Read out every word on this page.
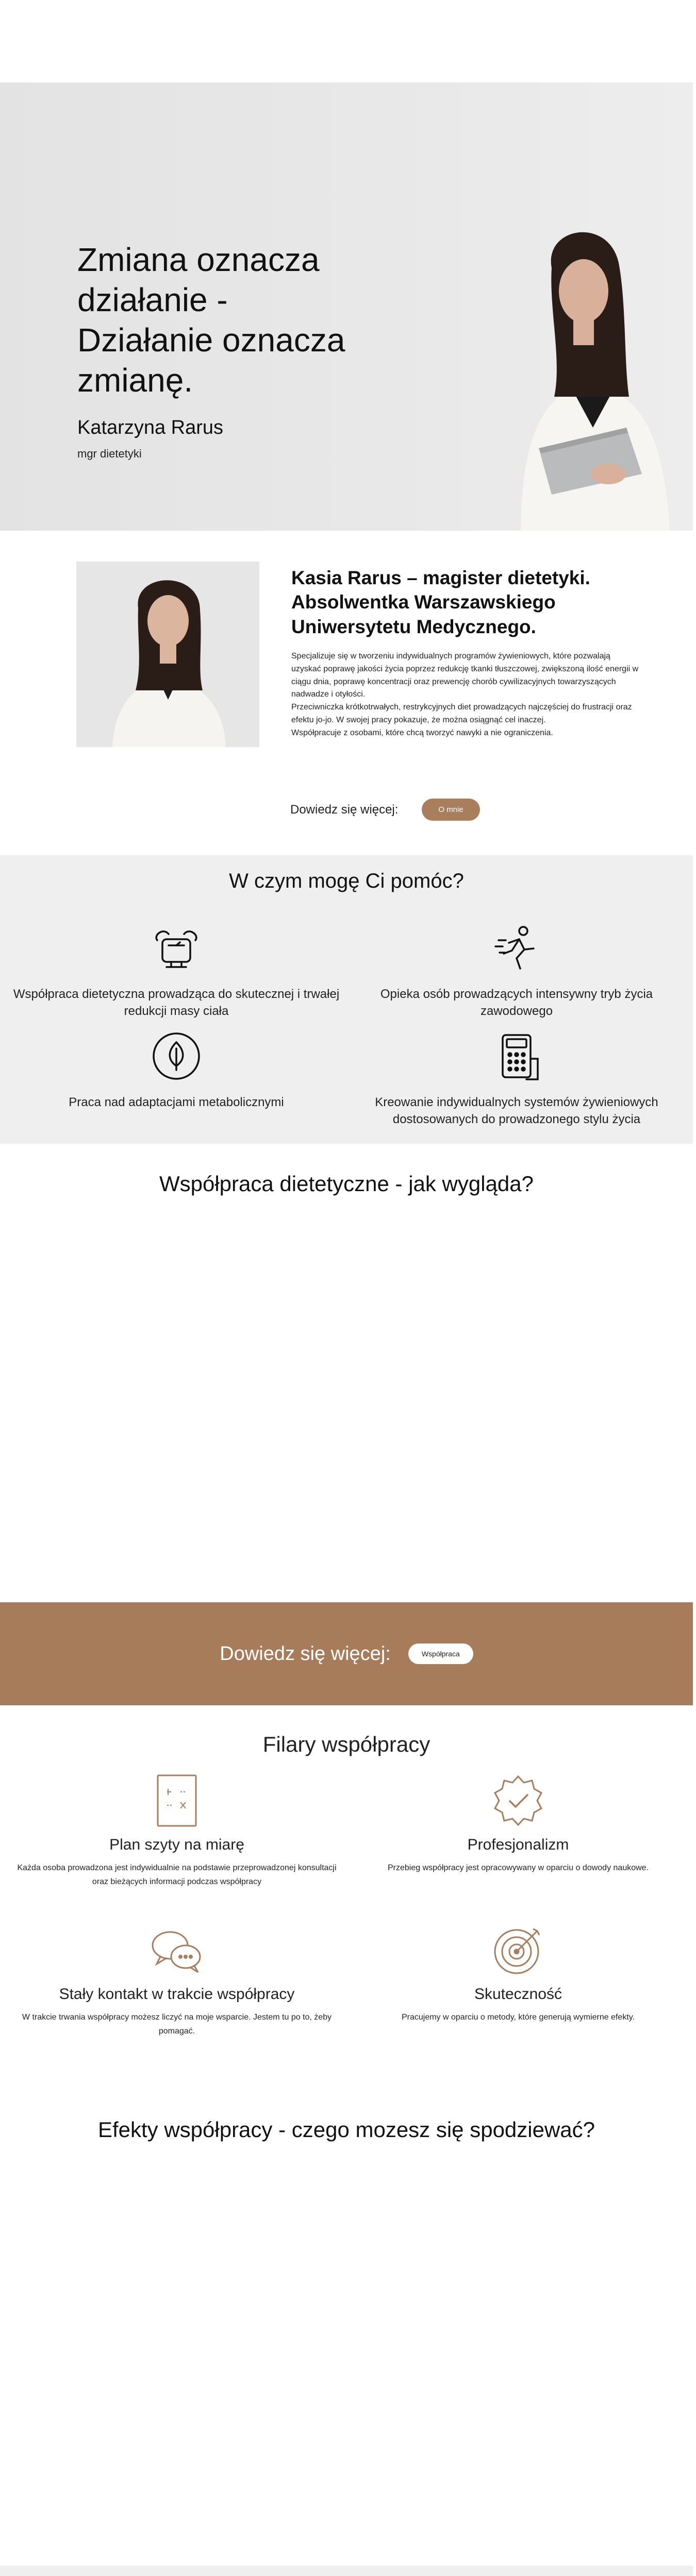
Zmiana oznacza działanie - Działanie oznacza zmianę.
Katarzyna Rarus
mgr dietetyki
Kasia Rarus – magister dietetyki. Absolwentka Warszawskiego Uniwersytetu Medycznego.

Specjalizuje się w tworzeniu indywidualnych programów żywieniowych, które pozwalają uzyskać poprawę jakości życia poprzez redukcję tkanki tłuszczowej, zwiększoną ilość energii w ciągu dnia, poprawę koncentracji oraz prewencję chorób cywilizacyjnych towarzyszących nadwadze i otyłości.

Przeciwniczka krótkotrwałych, restrykcyjnych diet prowadzących najczęściej do frustracji oraz efektu jo-jo. W swojej pracy pokazuje, że można osiągnąć cel inaczej.

Współpracuje z osobami, które chcą tworzyć nawyki a nie ograniczenia.

Dowiedz się więcej:	O mnie
W czym mogę Ci pomóc?
Współpraca dietetyczna prowadząca do skutecznej i trwałej redukcji masy ciała
Opieka osób prowadzących intensywny tryb życia zawodowego
Praca nad adaptacjami metabolicznymi	Kreowanie indywidualnych systemów żywieniowych dostosowanych do prowadzonego stylu życia
Współpraca dietetyczne - jak wygląda?
Dowiedz się więcej:	Współpraca
Filary współpracy
Plan szyty na miarę
Każda osoba prowadzona jest indywidualnie na podstawie przeprowadzonej konsultacji oraz bieżących informacji podczas współpracy
Profesjonalizm
Przebieg współpracy jest opracowywany w oparciu o dowody naukowe.
Stały kontakt w trakcie współpracy
W trakcie trwania współpracy możesz liczyć na moje wsparcie. Jestem tu po to, żeby pomagać.
Skuteczność
Pracujemy w oparciu o metody, które generują wymierne efekty.
Efekty współpracy - czego mozesz się spodziewać?
